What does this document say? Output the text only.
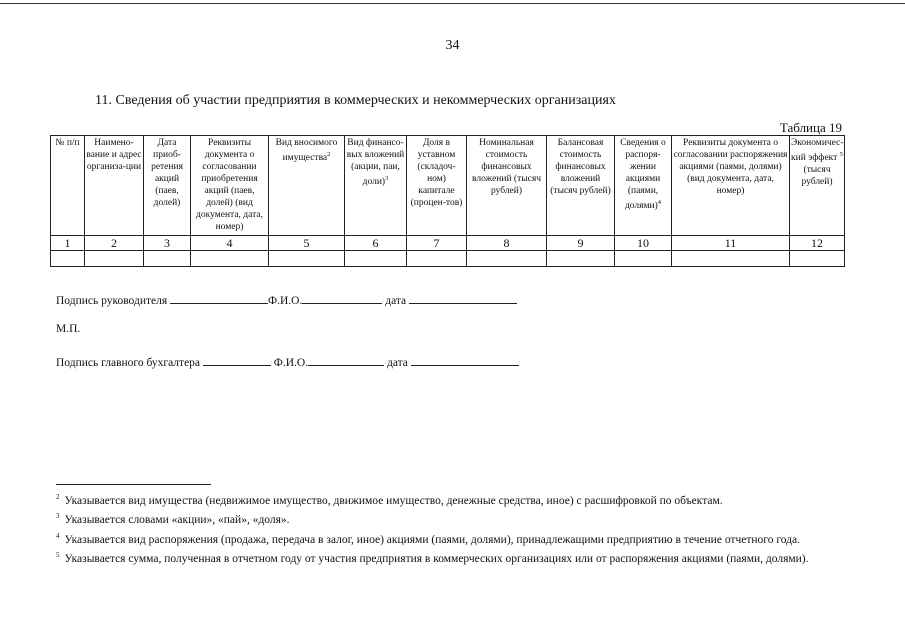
34
11. Сведения об участии предприятия в коммерческих и некоммерческих организациях
Таблица 19
№ п/п	Наимено-вание и адрес организа-ции	Дата приоб-ретения акций (паев, долей)	Реквизиты документа о согласовании приобретения акций (паев, долей) (вид документа, дата, номер)	Вид вносимого имущества$^2$	Вид финансо-вых вложений (акции, паи, доли)$^3$	Доля в уставном (складоч-ном) капитале (процен-тов)	Номинальная стоимость финансовых вложений (тысяч рублей)	Балансовая стоимость финансовых вложений (тысяч рублей)	Сведения о распоря-жении акциями (паями, долями)$^4$	Реквизиты документа о согласовании распоряжения акциями (паями, долями) (вид документа, дата, номер)	Экономичес-кий эффект $^5$ (тысяч рублей)
1	2	3	4	5	6	7	8	9	10	11	12

Подпись руководителя	Ф.И.О.	дата
М.П.
Подпись главного бухгалтера	Ф.И.О.	дата

$^2$ Указывается вид имущества (недвижимое имущество, движимое имущество, денежные средства, иное) с расшифровкой по объектам.

$^3$ Указывается словами «акции», «пай», «доля».

$^4$ Указывается вид распоряжения (продажа, передача в залог, иное) акциями (паями, долями), принадлежащими предприятию в течение отчетного года.

$^5$ Указывается сумма, полученная в отчетном году от участия предприятия в коммерческих организациях или от распоряжения акциями (паями, долями).
